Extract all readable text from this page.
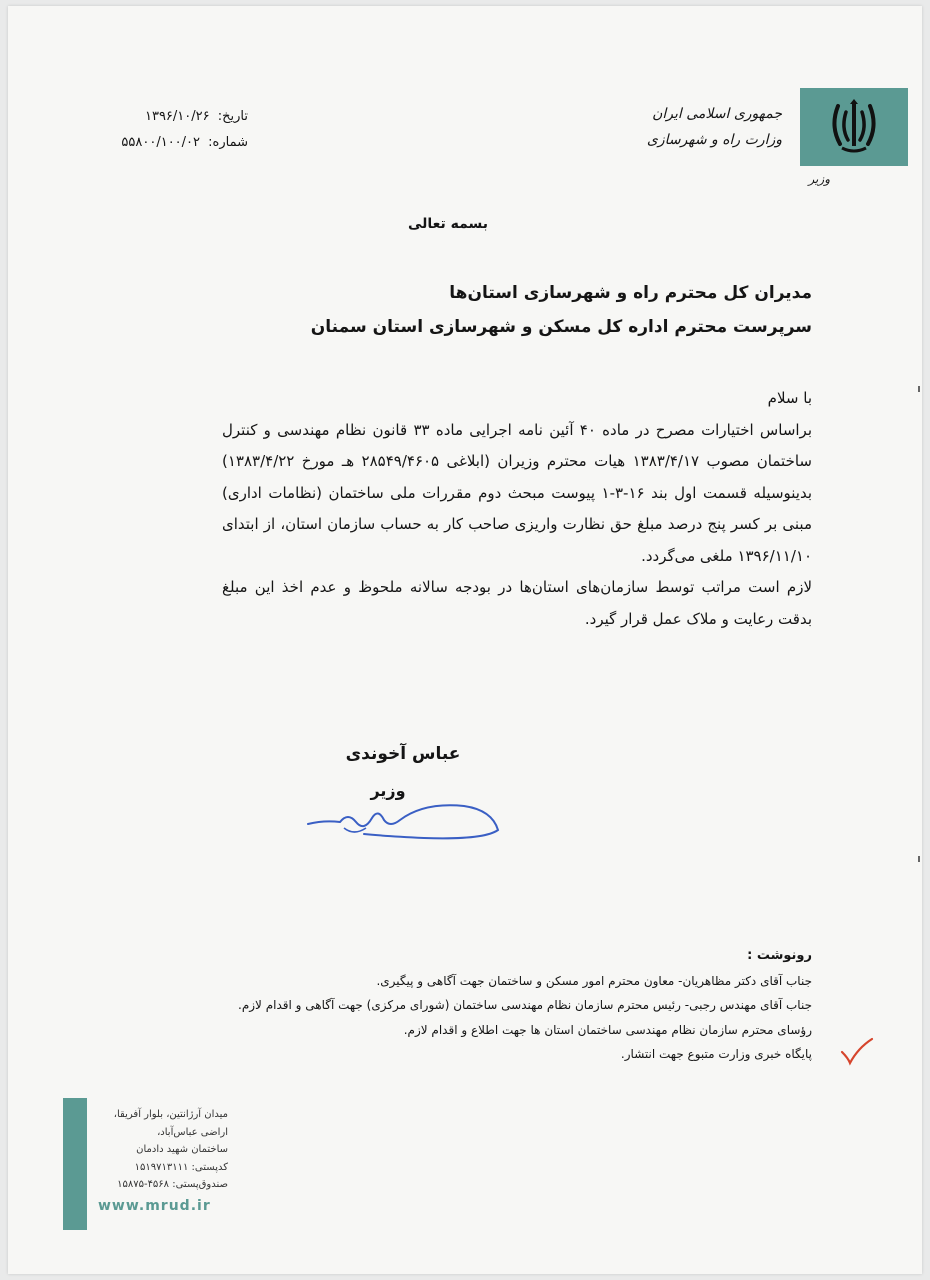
جمهوری اسلامی ایران
وزارت راه و شهرسازی
وزیر
تاریخ: ۱۳۹۶/۱۰/۲۶
شماره: ۵۵۸۰۰/۱۰۰/۰۲
بسمه تعالی
مدیران کل محترم راه و شهرسازی استان‌ها
سرپرست محترم اداره کل مسکن و شهرسازی استان سمنان

با سلام

براساس اختیارات مصرح در ماده ۴۰ آئین نامه اجرایی ماده ۳۳ قانون نظام مهندسی و کنترل ساختمان مصوب ۱۳۸۳/۴/۱۷ هیات محترم وزیران (ابلاغی ۲۸۵۴۹/۴۶۰۵ هـ مورخ ۱۳۸۳/۴/۲۲) بدینوسیله قسمت اول بند ۱۶-۳-۱ پیوست مبحث دوم مقررات ملی ساختمان (نظامات اداری) مبنی بر کسر پنج درصد مبلغ حق نظارت واریزی صاحب کار به حساب سازمان استان، از ابتدای ۱۳۹۶/۱۱/۱۰ ملغی می‌گردد.

لازم است مراتب توسط سازمان‌های استان‌ها در بودجه سالانه ملحوظ و عدم اخذ این مبلغ بدقت رعایت و ملاک عمل قرار گیرد.

عباس آخوندی
وزیر
رونوشت :
جناب آقای دکتر مظاهریان- معاون محترم امور مسکن و ساختمان جهت آگاهی و پیگیری.
جناب آقای مهندس رجبی- رئیس محترم سازمان نظام مهندسی ساختمان (شورای مرکزی) جهت آگاهی و اقدام لازم.
رؤسای محترم سازمان نظام مهندسی ساختمان استان ها جهت اطلاع و اقدام لازم.
پایگاه خبری وزارت متبوع جهت انتشار.
میدان آرژانتین، بلوار آفریقا،
اراضی عباس‌آباد،
ساختمان شهید دادمان
کدپستی: ۱۵۱۹۷۱۳۱۱۱
صندوق‌پستی: ۴۵۶۸-۱۵۸۷۵
www.mrud.ir
